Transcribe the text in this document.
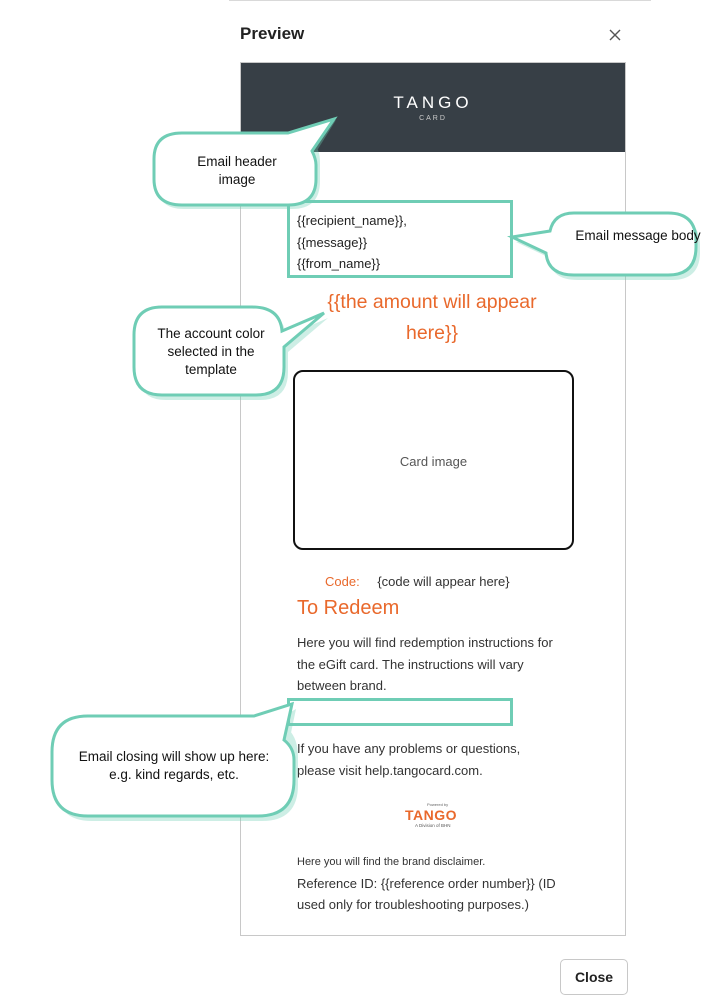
Preview
TANGO
CARD
{{recipient_name}},
{{message}}
{{from_name}}
{{the amount will appear
here}}
Card image
Code: {code will appear here}
To Redeem
Here you will find redemption instructions for the eGift card. The instructions will vary between brand.
If you have any problems or questions,
please visit help.tangocard.com.
Powered by
TANGO
A Division of BHN
Here you will find the brand disclaimer.
Reference ID: {{reference order number}} (ID used only for troubleshooting purposes.)
Email header image
Email message body
The account color selected in the template
Email closing will show up here: e.g. kind regards, etc.
Close
